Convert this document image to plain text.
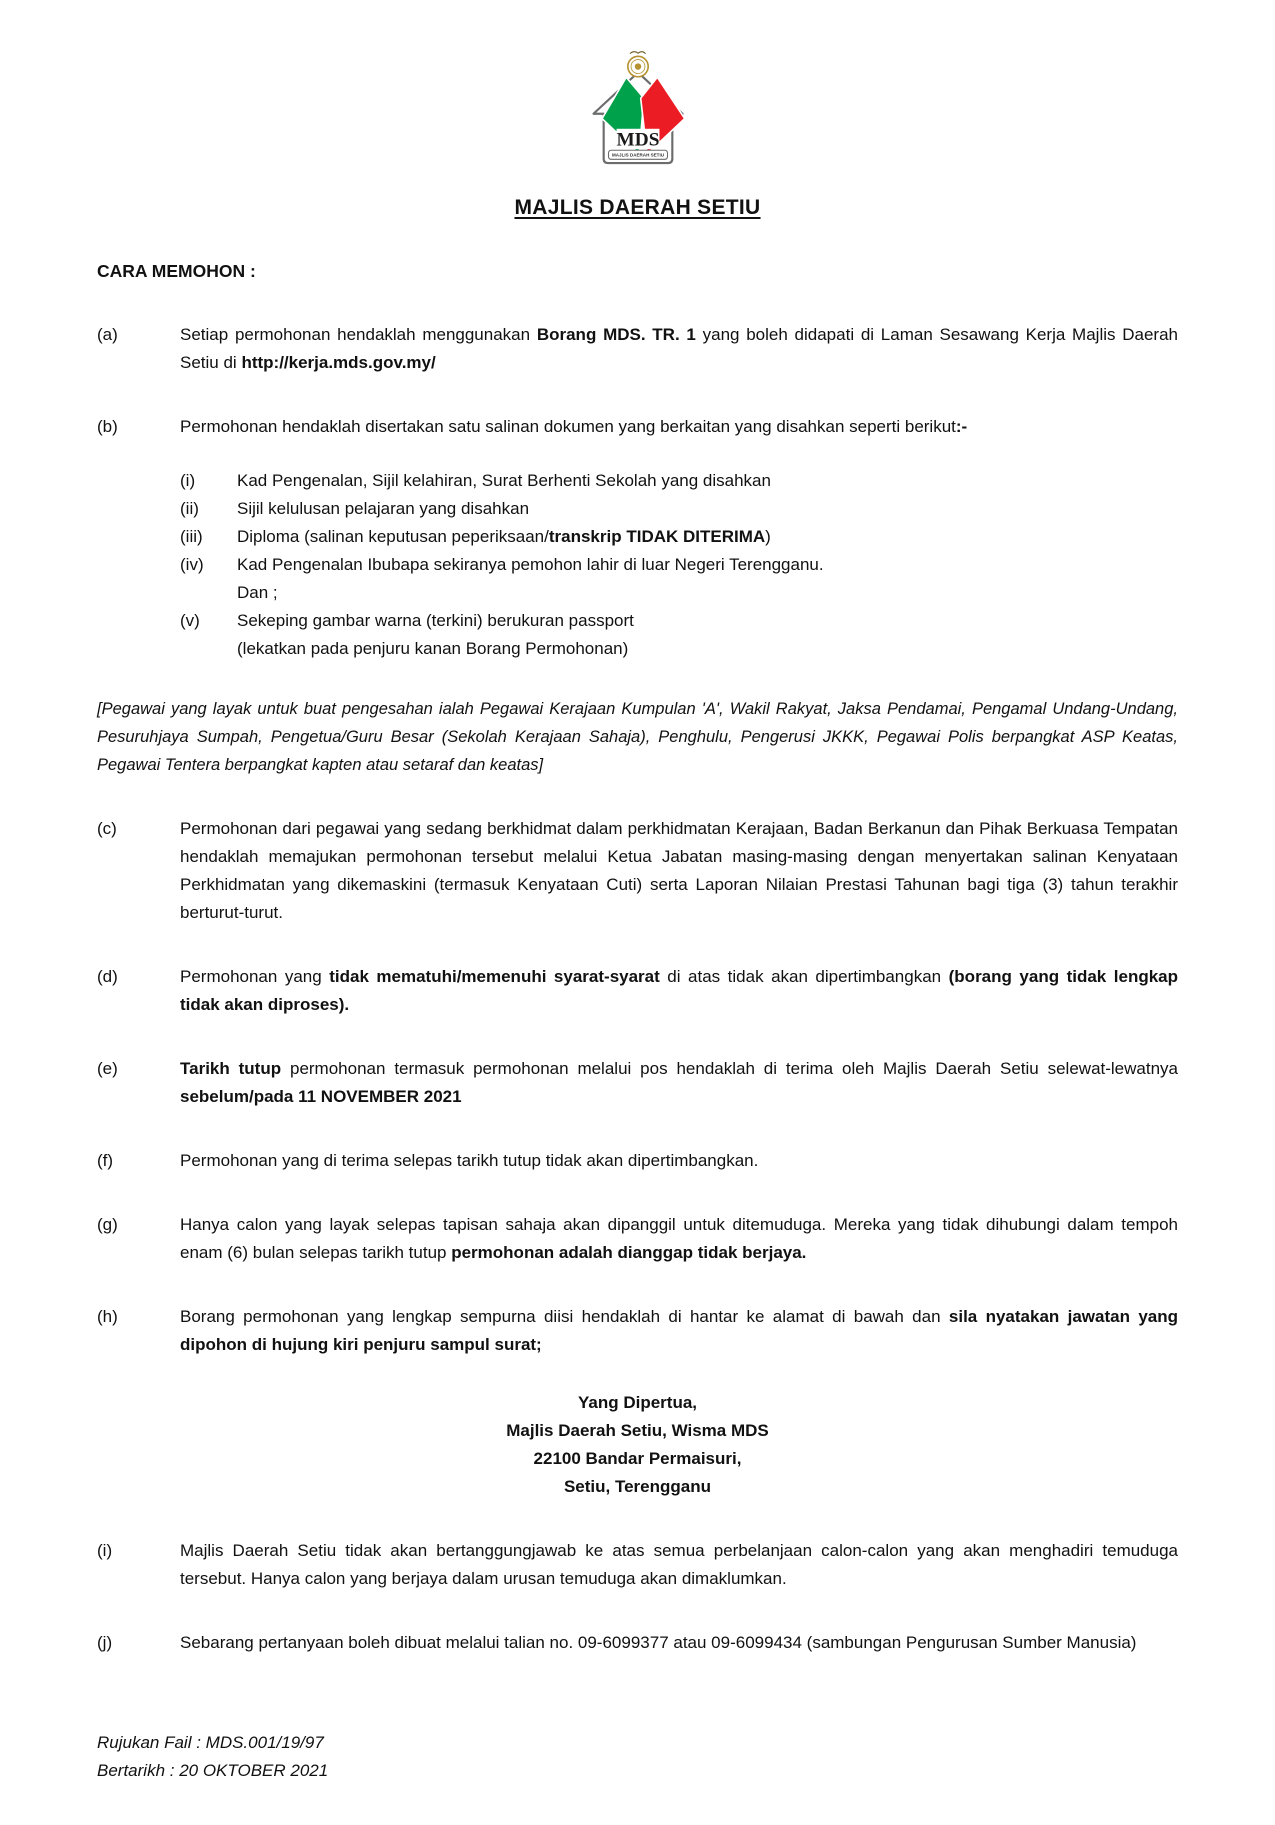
MDS
MAJLIS DAERAH SETIU
MAJLIS DAERAH SETIU
CARA MEMOHON :
(a)	Setiap permohonan hendaklah menggunakan Borang MDS. TR. 1 yang boleh didapati di Laman Sesawang Kerja Majlis Daerah Setiu di http://kerja.mds.gov.my/
(b)	Permohonan hendaklah disertakan satu salinan dokumen yang berkaitan yang disahkan seperti berikut:-
(i)	Kad Pengenalan, Sijil kelahiran, Surat Berhenti Sekolah yang disahkan
(ii)	Sijil kelulusan pelajaran yang disahkan
(iii)	Diploma (salinan keputusan peperiksaan/transkrip TIDAK DITERIMA)
(iv)	Kad Pengenalan Ibubapa sekiranya pemohon lahir di luar Negeri Terengganu.
Dan ;
(v)	Sekeping gambar warna (terkini) berukuran passport
(lekatkan pada penjuru kanan Borang Permohonan)
[Pegawai yang layak untuk buat pengesahan ialah Pegawai Kerajaan Kumpulan 'A', Wakil Rakyat, Jaksa Pendamai, Pengamal Undang-Undang, Pesuruhjaya Sumpah, Pengetua/Guru Besar (Sekolah Kerajaan Sahaja), Penghulu, Pengerusi JKKK, Pegawai Polis berpangkat ASP Keatas, Pegawai Tentera berpangkat kapten atau setaraf dan keatas]
(c)	Permohonan dari pegawai yang sedang berkhidmat dalam perkhidmatan Kerajaan, Badan Berkanun dan Pihak Berkuasa Tempatan hendaklah memajukan permohonan tersebut melalui Ketua Jabatan masing-masing dengan menyertakan salinan Kenyataan Perkhidmatan yang dikemaskini (termasuk Kenyataan Cuti) serta Laporan Nilaian Prestasi Tahunan bagi tiga (3) tahun terakhir berturut-turut.
(d)	Permohonan yang tidak mematuhi/memenuhi syarat-syarat di atas tidak akan dipertimbangkan (borang yang tidak lengkap tidak akan diproses).
(e)	Tarikh tutup permohonan termasuk permohonan melalui pos hendaklah di terima oleh Majlis Daerah Setiu selewat-lewatnya sebelum/pada 11 NOVEMBER 2021
(f)	Permohonan yang di terima selepas tarikh tutup tidak akan dipertimbangkan.
(g)	Hanya calon yang layak selepas tapisan sahaja akan dipanggil untuk ditemuduga. Mereka yang tidak dihubungi dalam tempoh enam (6) bulan selepas tarikh tutup permohonan adalah dianggap tidak berjaya.
(h)	Borang permohonan yang lengkap sempurna diisi hendaklah di hantar ke alamat di bawah dan sila nyatakan jawatan yang dipohon di hujung kiri penjuru sampul surat;
Yang Dipertua,
Majlis Daerah Setiu, Wisma MDS
22100 Bandar Permaisuri,
Setiu, Terengganu
(i)	Majlis Daerah Setiu tidak akan bertanggungjawab ke atas semua perbelanjaan calon-calon yang akan menghadiri temuduga tersebut. Hanya calon yang berjaya dalam urusan temuduga akan dimaklumkan.
(j)	Sebarang pertanyaan boleh dibuat melalui talian no. 09-6099377 atau 09-6099434 (sambungan Pengurusan Sumber Manusia)
Rujukan Fail : MDS.001/19/97
Bertarikh : 20 OKTOBER 2021
